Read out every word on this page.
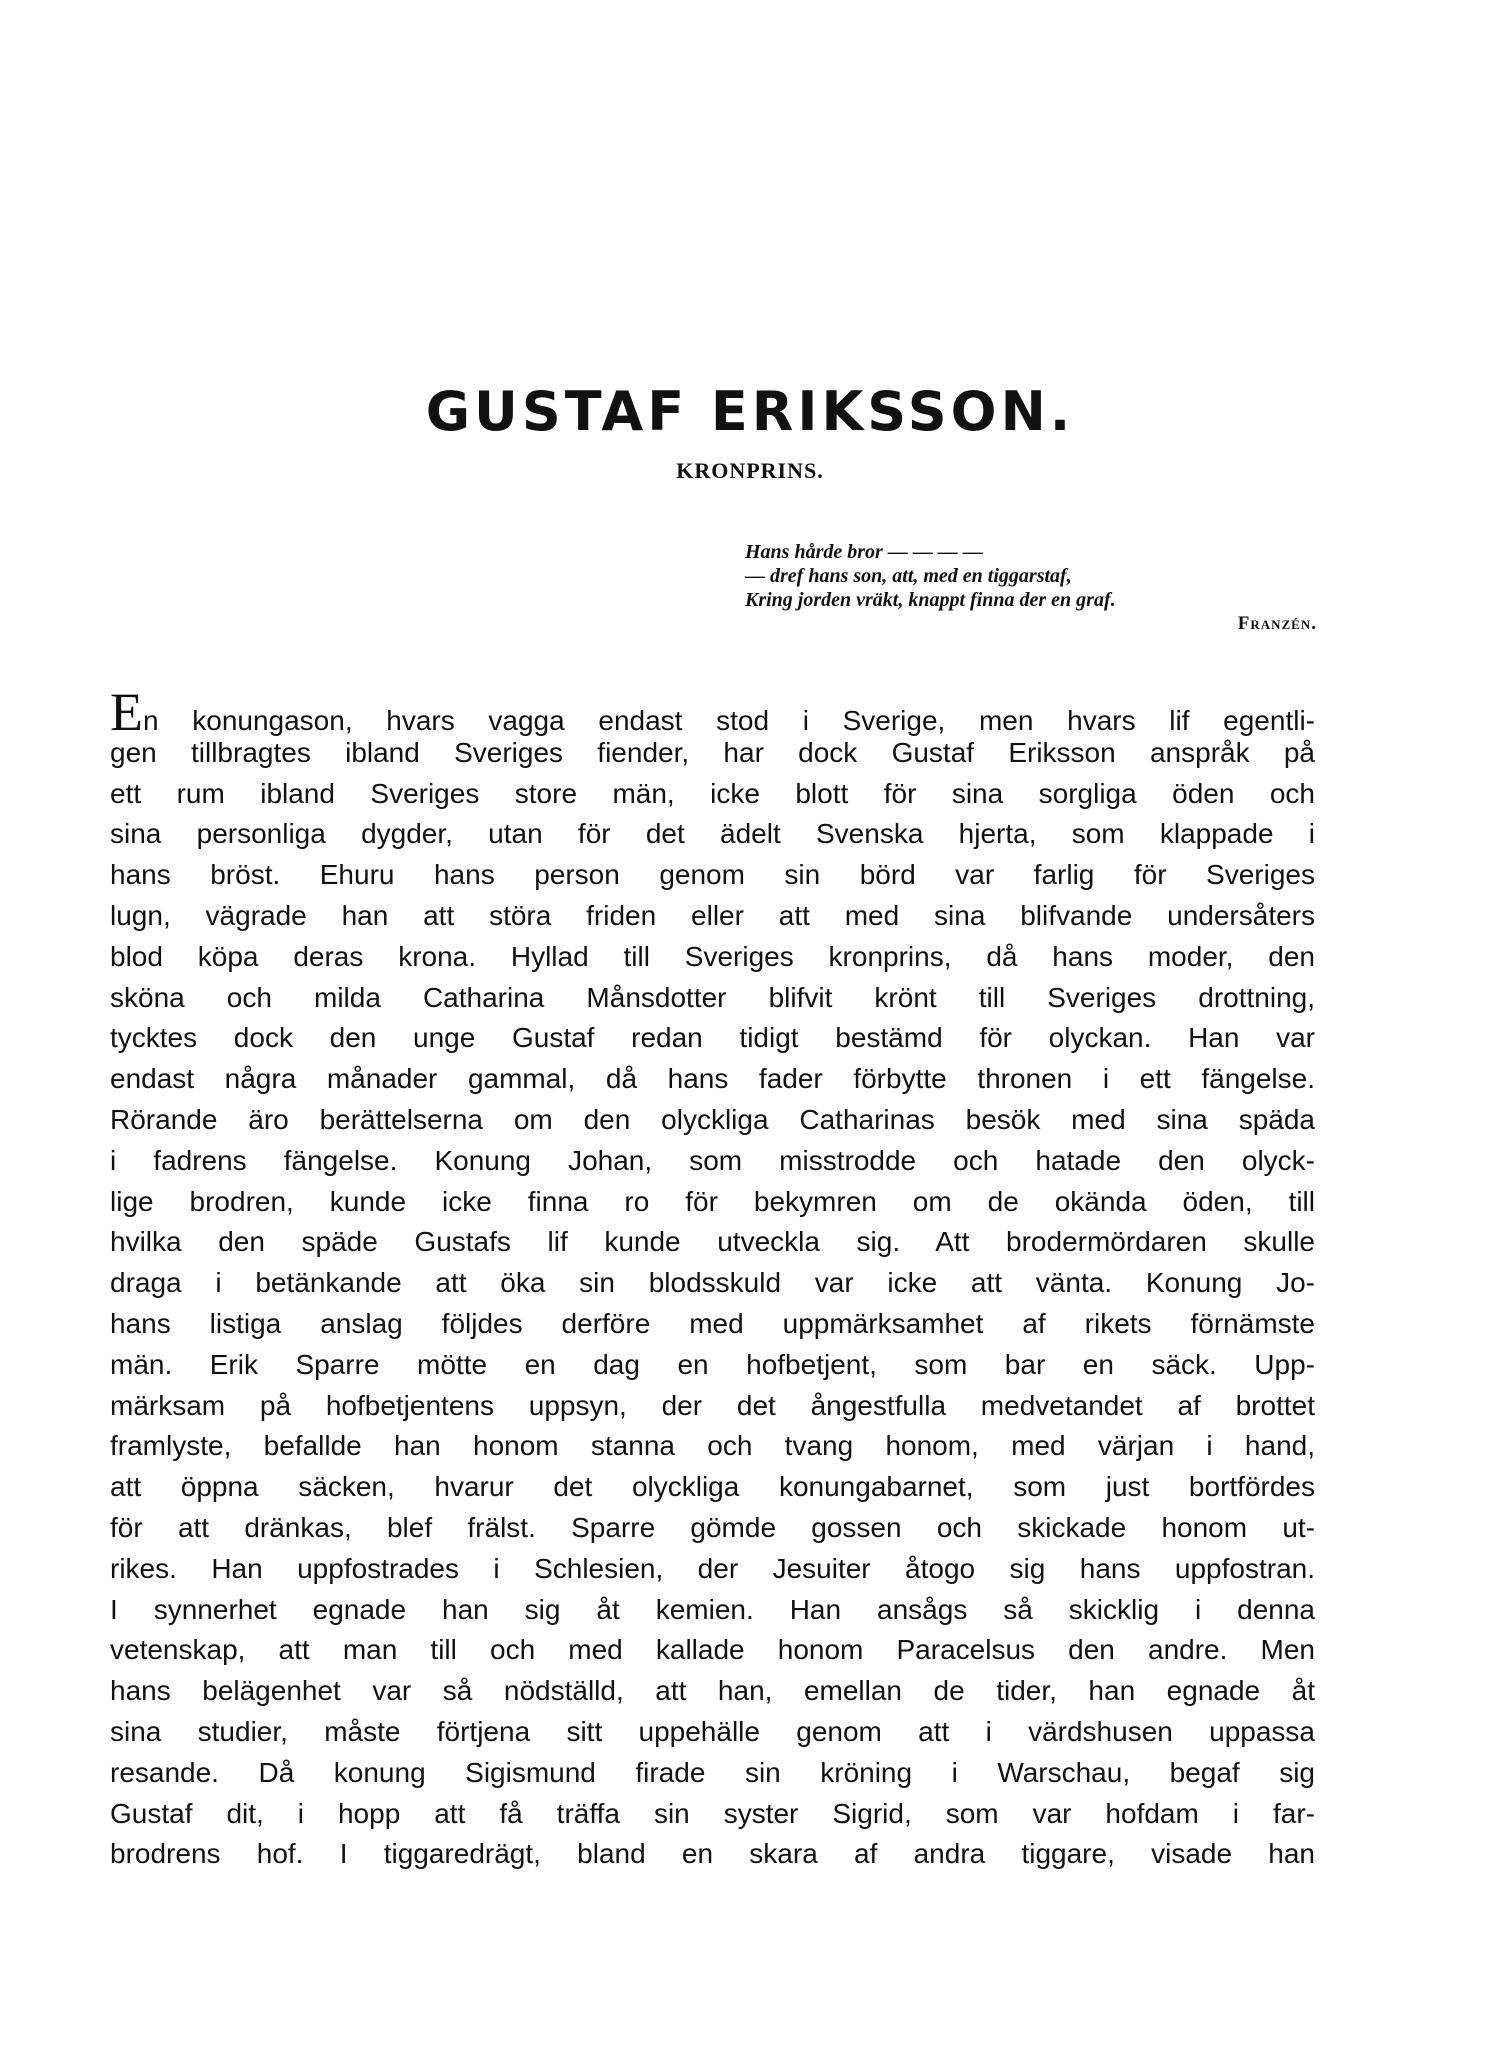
GUSTAF ERIKSSON.
KRONPRINS.
Hans hårde bror — — — —
— dref hans son, att, med en tiggarstaf,
Kring jorden vräkt, knappt finna der en graf.
Franzén.
En konungason, hvars vagga endast stod i Sverige, men hvars lif egentli-
gen tillbragtes ibland Sveriges fiender, har dock Gustaf Eriksson anspråk på
ett rum ibland Sveriges store män, icke blott för sina sorgliga öden och
sina personliga dygder, utan för det ädelt Svenska hjerta, som klappade i
hans bröst. Ehuru hans person genom sin börd var farlig för Sveriges
lugn, vägrade han att störa friden eller att med sina blifvande undersåters
blod köpa deras krona. Hyllad till Sveriges kronprins, då hans moder, den
sköna och milda Catharina Månsdotter blifvit krönt till Sveriges drottning,
tycktes dock den unge Gustaf redan tidigt bestämd för olyckan. Han var
endast några månader gammal, då hans fader förbytte thronen i ett fängelse.
Rörande äro berättelserna om den olyckliga Catharinas besök med sina späda
i fadrens fängelse. Konung Johan, som misstrodde och hatade den olyck-
lige brodren, kunde icke finna ro för bekymren om de okända öden, till
hvilka den späde Gustafs lif kunde utveckla sig. Att brodermördaren skulle
draga i betänkande att öka sin blodsskuld var icke att vänta. Konung Jo-
hans listiga anslag följdes derföre med uppmärksamhet af rikets förnämste
män. Erik Sparre mötte en dag en hofbetjent, som bar en säck. Upp-
märksam på hofbetjentens uppsyn, der det ångestfulla medvetandet af brottet
framlyste, befallde han honom stanna och tvang honom, med värjan i hand,
att öppna säcken, hvarur det olyckliga konungabarnet, som just bortfördes
för att dränkas, blef frälst. Sparre gömde gossen och skickade honom ut-
rikes. Han uppfostrades i Schlesien, der Jesuiter åtogo sig hans uppfostran.
I synnerhet egnade han sig åt kemien. Han ansågs så skicklig i denna
vetenskap, att man till och med kallade honom Paracelsus den andre. Men
hans belägenhet var så nödställd, att han, emellan de tider, han egnade åt
sina studier, måste förtjena sitt uppehälle genom att i värdshusen uppassa
resande. Då konung Sigismund firade sin kröning i Warschau, begaf sig
Gustaf dit, i hopp att få träffa sin syster Sigrid, som var hofdam i far-
brodrens hof. I tiggaredrägt, bland en skara af andra tiggare, visade han
